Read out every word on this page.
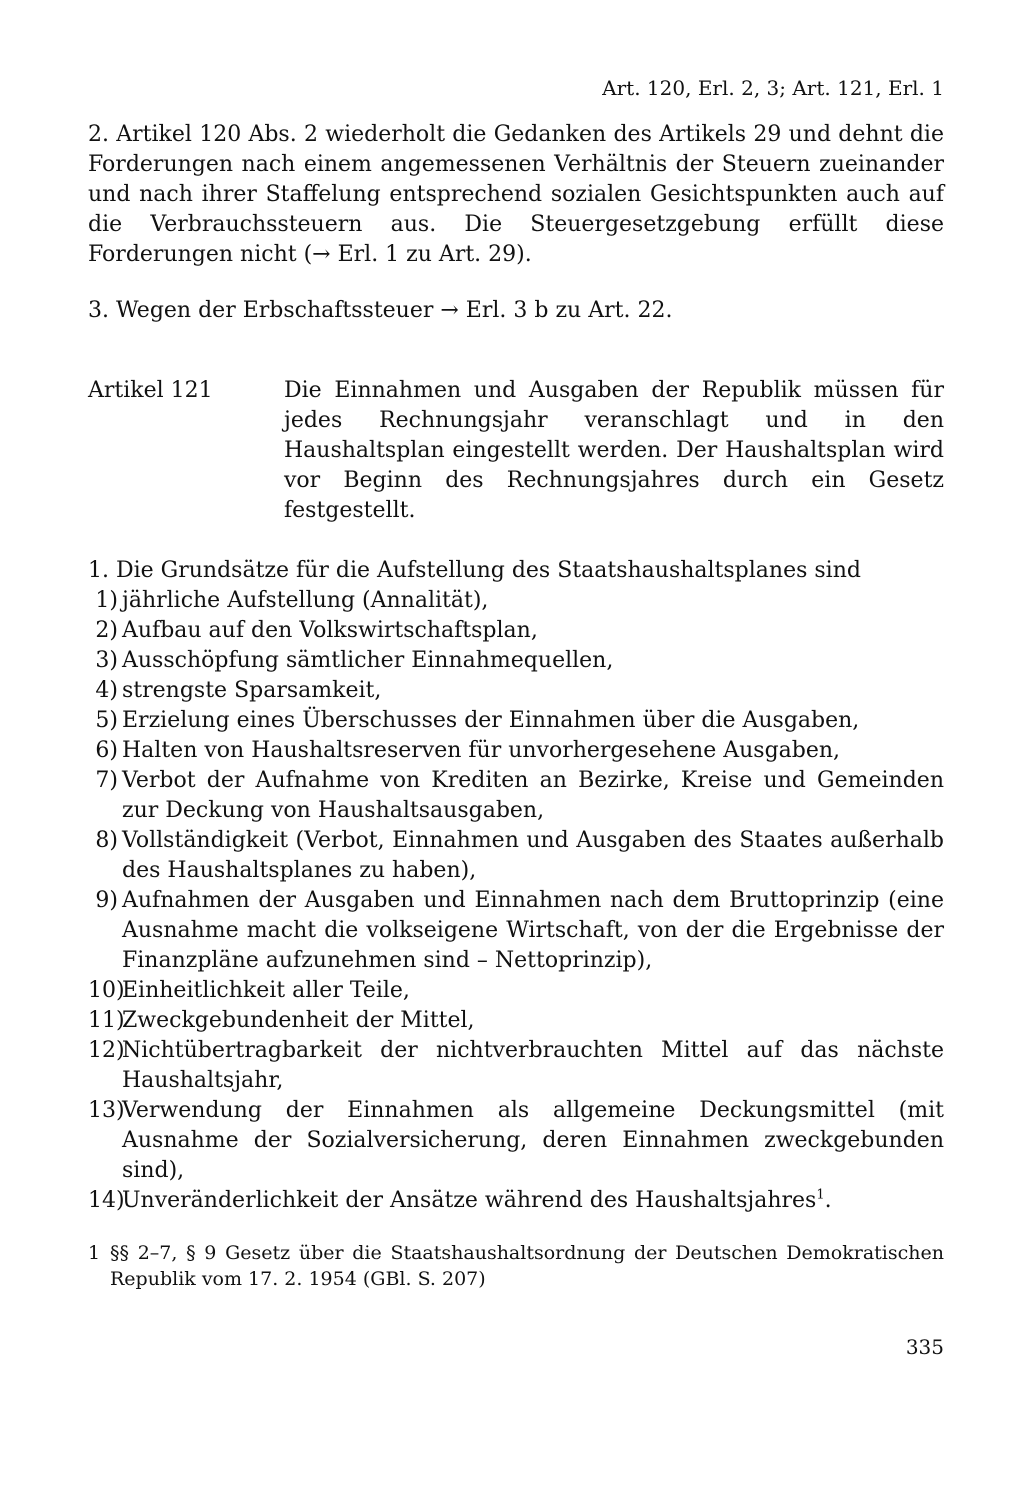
Art. 120, Erl. 2, 3; Art. 121, Erl. 1

2. Artikel 120 Abs. 2 wiederholt die Gedanken des Artikels 29 und dehnt die Forderungen nach einem angemessenen Verhältnis der Steuern zueinander und nach ihrer Staffelung entsprechend sozialen Gesichtspunkten auch auf die Verbrauchssteuern aus. Die Steuergesetzgebung erfüllt diese Forderungen nicht (→ Erl. 1 zu Art. 29).

3. Wegen der Erbschaftssteuer → Erl. 3 b zu Art. 22.

Artikel 121	Die Einnahmen und Ausgaben der Republik müssen für jedes Rechnungsjahr veranschlagt und in den Haushaltsplan eingestellt werden. Der Haushaltsplan wird vor Beginn des Rechnungsjahres durch ein Gesetz festgestellt.
1. Die Grundsätze für die Aufstellung des Staatshaushaltsplanes sind
1) jährliche Aufstellung (Annalität),
2) Aufbau auf den Volkswirtschaftsplan,
3) Ausschöpfung sämtlicher Einnahmequellen,
4) strengste Sparsamkeit,
5) Erzielung eines Überschusses der Einnahmen über die Ausgaben,
6) Halten von Haushaltsreserven für unvorhergesehene Ausgaben,
7) Verbot der Aufnahme von Krediten an Bezirke, Kreise und Gemeinden zur Deckung von Haushaltsausgaben,
8) Vollständigkeit (Verbot, Einnahmen und Ausgaben des Staates außerhalb des Haushaltsplanes zu haben),
9) Aufnahmen der Ausgaben und Einnahmen nach dem Bruttoprinzip (eine Ausnahme macht die volkseigene Wirtschaft, von der die Ergebnisse der Finanzpläne aufzunehmen sind – Nettoprinzip),
10)
Einheitlichkeit aller Teile,
11)
Zweckgebundenheit der Mittel,
12)
Nichtübertragbarkeit der nichtverbrauchten Mittel auf das nächste Haushaltsjahr,
13)
Verwendung der Einnahmen als allgemeine Deckungsmittel (mit Ausnahme der Sozialversicherung, deren Einnahmen zweckgebunden sind),
14)
Unveränderlichkeit der Ansätze während des Haushaltsjahres$^1$.
1 §§ 2–7, § 9 Gesetz über die Staatshaushaltsordnung der Deutschen Demokratischen Republik vom 17. 2. 1954 (GBl. S. 207)
335
